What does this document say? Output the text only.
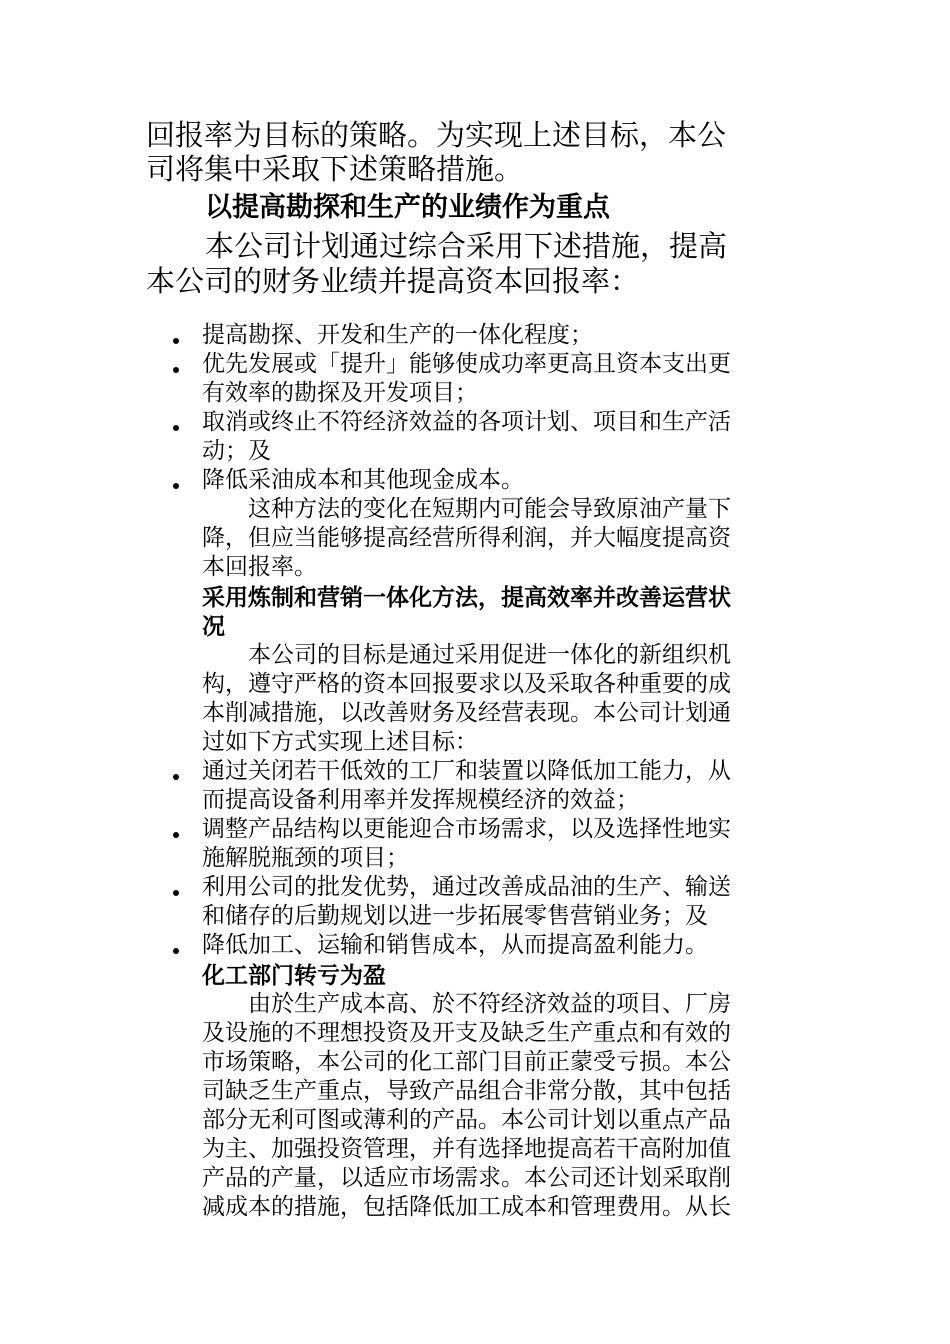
回报率为目标的策略。为实现上述目标，本公
司将集中采取下述策略措施。
以提高勘探和生产的业绩作为重点
本公司计划通过综合采用下述措施，提高
本公司的财务业绩并提高资本回报率：
提高勘探、开发和生产的一体化程度；
优先发展或「提升」能够使成功率更高且资本支出更
有效率的勘探及开发项目；
取消或终止不符经济效益的各项计划、项目和生产活
动；及
降低采油成本和其他现金成本。
这种方法的变化在短期内可能会导致原油产量下
降，但应当能够提高经营所得利润，并大幅度提高资
本回报率。
采用炼制和营销一体化方法，提高效率并改善运营状
况
本公司的目标是通过采用促进一体化的新组织机
构，遵守严格的资本回报要求以及采取各种重要的成
本削减措施，以改善财务及经营表现。本公司计划通
过如下方式实现上述目标：
通过关闭若干低效的工厂和装置以降低加工能力，从
而提高设备利用率并发挥规模经济的效益；
调整产品结构以更能迎合市场需求，以及选择性地实
施解脱瓶颈的项目；
利用公司的批发优势，通过改善成品油的生产、输送
和储存的后勤规划以进一步拓展零售营销业务；及
降低加工、运输和销售成本，从而提高盈利能力。
化工部门转亏为盈
由於生产成本高、於不符经济效益的项目、厂房
及设施的不理想投资及开支及缺乏生产重点和有效的
市场策略，本公司的化工部门目前正蒙受亏损。本公
司缺乏生产重点，导致产品组合非常分散，其中包括
部分无利可图或薄利的产品。本公司计划以重点产品
为主、加强投资管理，并有选择地提高若干高附加值
产品的产量，以适应市场需求。本公司还计划采取削
减成本的措施，包括降低加工成本和管理费用。从长
